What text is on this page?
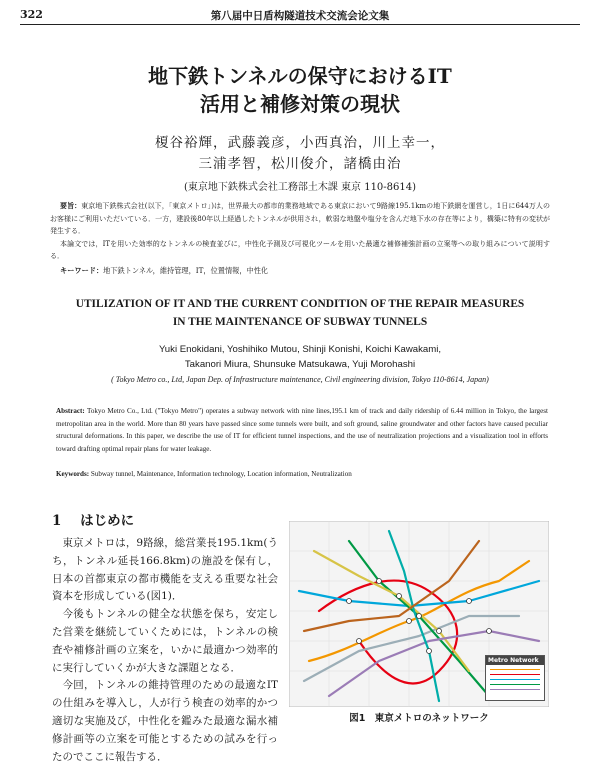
322	第八届中日盾构隧道技术交流会论文集
地下鉄トンネルの保守におけるIT
活用と補修対策の現状
榎谷裕輝，武藤義彦，小西真治，川上幸一，
三浦孝智，松川俊介，諸橋由治
(東京地下鉄株式会社工務部土木課 東京 110-8614)
要旨：東京地下鉄株式会社(以下，「東京メトロ」)は，世界最大の都市的業務地域である東京において9路線195.1kmの地下鉄網を運営し，1日に644万人のお客様にご利用いただいている．一方，建設後80年以上経過したトンネルが供用され，軟弱な地盤や塩分を含んだ地下水の存在等により，構築に特有の変状が発生する．
本論文では，ITを用いた効率的なトンネルの検査並びに，中性化予測及び可視化ツールを用いた最適な補修補強計画の立案等への取り組みについて説明する．
キーワード：地下鉄トンネル，維持管理，IT，位置情報，中性化
UTILIZATION OF IT AND THE CURRENT CONDITION OF THE REPAIR MEASURES
IN THE MAINTENANCE OF SUBWAY TUNNELS
Yuki Enokidani, Yoshihiko Mutou, Shinji Konishi, Koichi Kawakami,
Takanori Miura, Shunsuke Matsukawa, Yuji Morohashi
( Tokyo Metro co., Ltd, Japan Dep. of Infrastructure maintenance, Civil engineering division, Tokyo 110-8614, Japan)
Abstract: Tokyo Metro Co., Ltd. ("Tokyo Metro") operates a subway network with nine lines,195.1 km of track and daily ridership of 6.44 million in Tokyo, the largest metropolitan area in the world. More than 80 years have passed since some tunnels were built, and soft ground, saline groundwater and other factors have caused peculiar structural deformations. In this paper, we describe the use of IT for efficient tunnel inspections, and the use of neutralization projections and a visualization tool in efforts toward drafting optimal repair plans for water leakage.
Keywords: Subway tunnel, Maintenance, Information technology, Location information, Neutralization
1 はじめに

東京メトロは，9路線，総営業長195.1km(うち，トンネル延長166.8km)の施設を保有し，日本の首都東京の都市機能を支える重要な社会資本を形成している(図1)．

今後もトンネルの健全な状態を保ち，安定した営業を継続していくためには，トンネルの検査や補修計画の立案を，いかに最適かつ効率的に実行していくかが大きな課題となる．

今回，トンネルの維持管理のための最適なITの仕組みを導入し，人が行う検査の効率的かつ適切な実施及び，中性化を鑑みた最適な漏水補修計画等の立案を可能とするための試みを行ったのでここに報告する．

Metro Network
図1　東京メトロのネットワーク
